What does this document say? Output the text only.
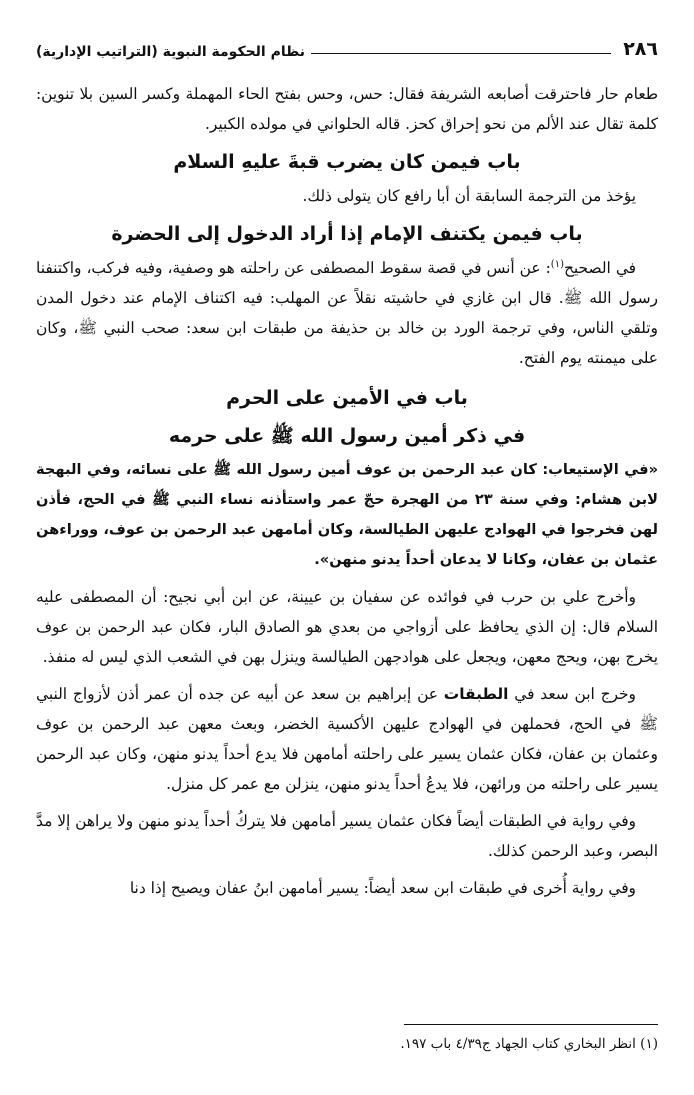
٢٨٦
نظام الحكومة النبوية (التراتيب الإدارية)

طعام حار فاحترقت أصابعه الشريفة فقال: حس، وحس بفتح الحاء المهملة وكسر السين بلا تنوين: كلمة تقال عند الألم من نحو إحراق كحز. قاله الحلواني في مولده الكبير.

باب فيمن كان يضرب قبةَ عليهِ السلام

يؤخذ من الترجمة السابقة أن أبا رافع كان يتولى ذلك.

باب فيمن يكتنف الإمام إذا أراد الدخول إلى الحضرة

في الصحيح$^{(١)}$: عن أنس في قصة سقوط المصطفى عن راحلته هو وصفية، وفيه فركب، واكتنفنا رسول الله ﷺ. قال ابن غازي في حاشيته نقلاً عن المهلب: فيه اكتناف الإمام عند دخول المدن وتلقي الناس، وفي ترجمة الورد بن خالد بن حذيفة من طبقات ابن سعد: صحب النبي ﷺ، وكان على ميمنته يوم الفتح.

باب في الأمين على الحرم
في ذكر أمين رسول الله ﷺ على حرمه

«في الإستيعاب: كان عبد الرحمن بن عوف أمين رسول الله ﷺ على نسائه، وفي البهجة لابن هشام: وفي سنة ٢٣ من الهجرة حجّ عمر واستأذنه نساء النبي ﷺ في الحج، فأذن لهن فخرجوا في الهوادج عليهن الطيالسة، وكان أمامهن عبد الرحمن بن عوف، ووراءهن عثمان بن عفان، وكانا لا يدعان أحداً يدنو منهن».

وأخرج علي بن حرب في فوائده عن سفيان بن عيينة، عن ابن أبي نجيح: أن المصطفى عليه السلام قال: إن الذي يحافظ على أزواجي من بعدي هو الصادق البار، فكان عبد الرحمن بن عوف يخرج بهن، ويحج معهن، ويجعل على هوادجهن الطيالسة وينزل بهن في الشعب الذي ليس له منفذ.

وخرج ابن سعد في الطبقات عن إبراهيم بن سعد عن أبيه عن جده أن عمر أذن لأزواج النبي ﷺ في الحج، فحملهن في الهوادج عليهن الأكسية الخضر، وبعث معهن عبد الرحمن بن عوف وعثمان بن عفان، فكان عثمان يسير على راحلته أمامهن فلا يدع أحداً يدنو منهن، وكان عبد الرحمن يسير على راحلته من ورائهن، فلا يدعُ أحداً يدنو منهن، ينزلن مع عمر كل منزل.

وفي رواية في الطبقات أيضاً فكان عثمان يسير أمامهن فلا يتركُ أحداً يدنو منهن ولا يراهن إلا مدَّ البصر، وعبد الرحمن كذلك.

وفي رواية أُخرى في طبقات ابن سعد أيضاً: يسير أمامهن ابنُ عفان ويصيح إذا دنا

(١) انظر البخاري كتاب الجهاد ج٤/٣٩ باب ١٩٧.
